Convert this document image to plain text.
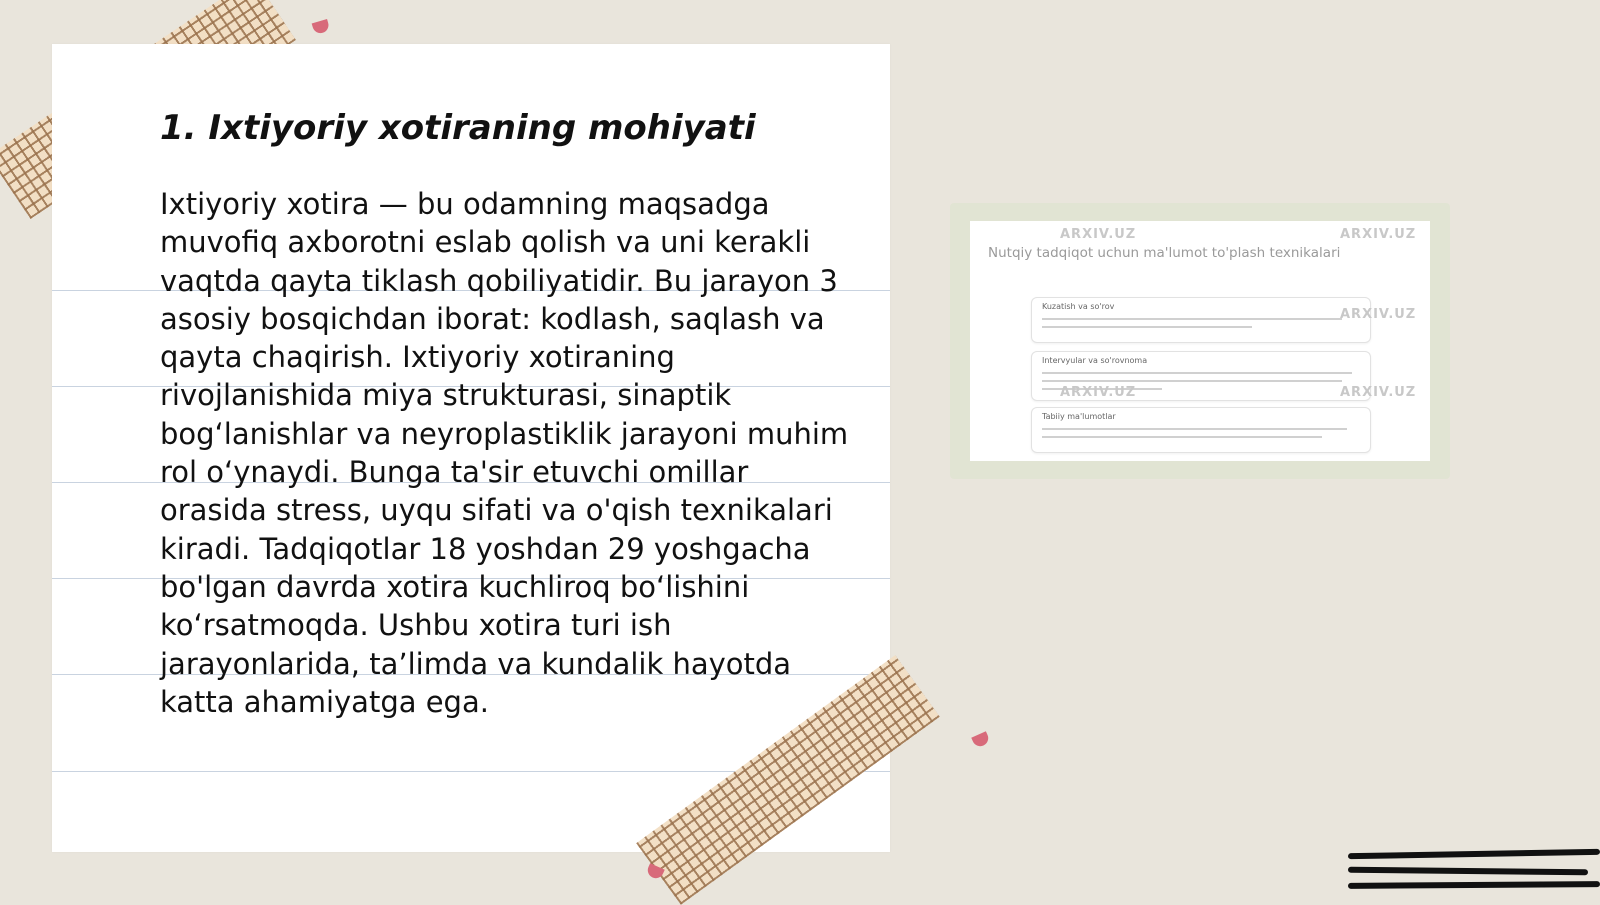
1. Ixtiyoriy xotiraning mohiyati

Ixtiyoriy xotira — bu odamning maqsadga muvofiq axborotni eslab qolish va uni kerakli vaqtda qayta tiklash qobiliyatidir. Bu jarayon 3 asosiy bosqichdan iborat: kodlash, saqlash va qayta chaqirish. Ixtiyoriy xotiraning rivojlanishida miya strukturasi, sinaptik bog‘lanishlar va neyroplastiklik jarayoni muhim rol o‘ynaydi. Bunga ta'sir etuvchi omillar orasida stress, uyqu sifati va o'qish texnikalari kiradi. Tadqiqotlar 18 yoshdan 29 yoshgacha bo'lgan davrda xotira kuchliroq bo‘lishini ko‘rsatmoqda. Ushbu xotira turi ish jarayonlarida, ta’limda va kundalik hayotda katta ahamiyatga ega.

Nutqiy tadqiqot uchun ma'lumot to'plash texnikalari
Kuzatish va so'rov
Intervyular va so'rovnoma
Tabiiy ma'lumotlar
ARXIV.UZ	ARXIV.UZ
ARXIV.UZ
ARXIV.UZ	ARXIV.UZ
